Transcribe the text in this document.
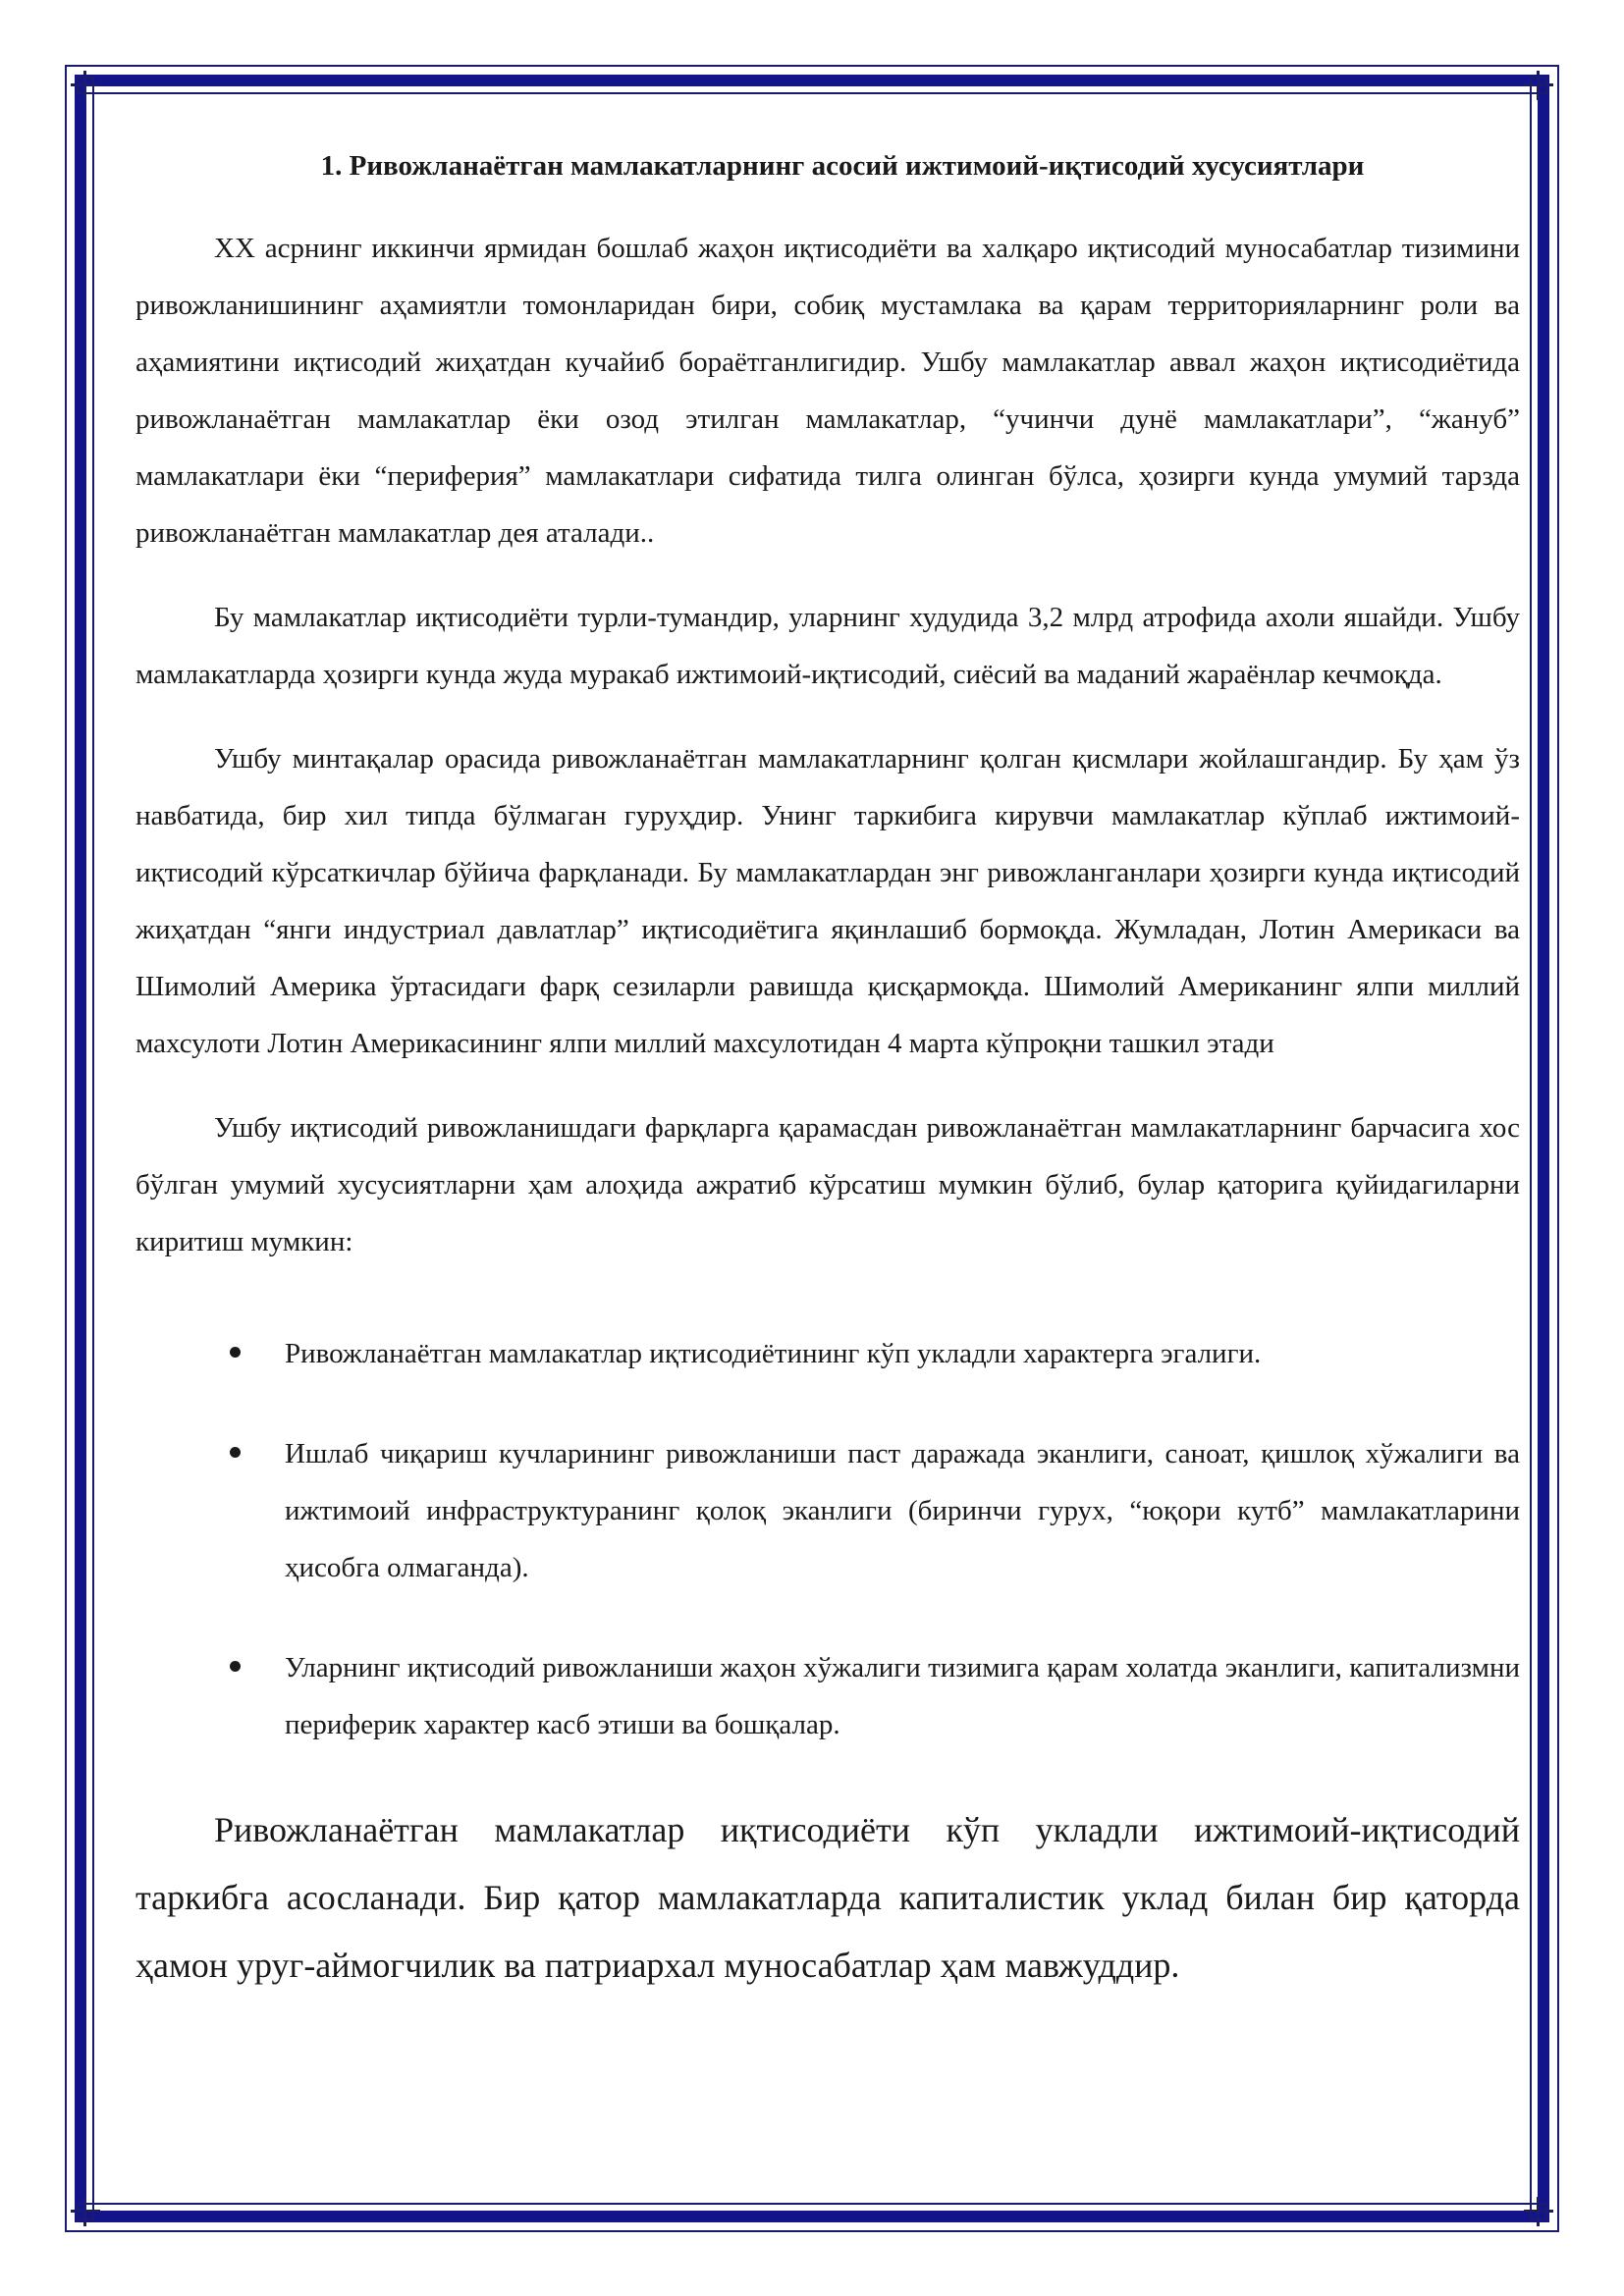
1. Ривожланаётган мамлакатларнинг асосий ижтимоий-иқтисодий хусусиятлари

XX асрнинг иккинчи ярмидан бошлаб жаҳон иқтисодиёти ва халқаро иқтисодий муносабатлар тизимини ривожланишининг аҳамиятли томонларидан бири, собиқ мустамлака ва қарам территорияларнинг роли ва аҳамиятини иқтисодий жиҳатдан кучайиб бораётганлигидир. Ушбу мамлакатлар аввал жаҳон иқтисодиётида ривожланаётган мамлакатлар ёки озод этилган мамлакатлар, “учинчи дунё мамлакатлари”, “жануб” мамлакатлари ёки “периферия” мамлакатлари сифатида тилга олинган бўлса, ҳозирги кунда умумий тарзда ривожланаётган мамлакатлар дея аталади..

Бу мамлакатлар иқтисодиёти турли-тумандир, уларнинг худудида 3,2 млрд атрофида ахоли яшайди. Ушбу мамлакатларда ҳозирги кунда жуда муракаб ижтимоий-иқтисодий, сиёсий ва маданий жараёнлар кечмоқда.

Ушбу минтақалар орасида ривожланаётган мамлакатларнинг қолган қисмлари жойлашгандир. Бу ҳам ўз навбатида, бир хил типда бўлмаган гуруҳдир. Унинг таркибига кирувчи мамлакатлар кўплаб ижтимоий-иқтисодий кўрсаткичлар бўйича фарқланади. Бу мамлакатлардан энг ривожланганлари ҳозирги кунда иқтисодий жиҳатдан “янги индустриал давлатлар” иқтисодиётига яқинлашиб бормоқда. Жумладан, Лотин Америкаси ва Шимолий Америка ўртасидаги фарқ сезиларли равишда қисқармоқда. Шимолий Американинг ялпи миллий махсулоти Лотин Америкасининг ялпи миллий махсулотидан 4 марта кўпроқни ташкил этади

Ушбу иқтисодий ривожланишдаги фарқларга қарамасдан ривожланаётган мамлакатларнинг барчасига хос бўлган умумий хусусиятларни ҳам алоҳида ажратиб кўрсатиш мумкин бўлиб, булар қаторига қуйидагиларни киритиш мумкин:

Ривожланаётган мамлакатлар иқтисодиётининг кўп укладли характерга эгалиги.
Ишлаб чиқариш кучларининг ривожланиши паст даражада эканлиги, саноат, қишлоқ хўжалиги ва ижтимоий инфраструктуранинг қолоқ эканлиги (биринчи гурух, “юқори кутб” мамлакатларини ҳисобга олмаганда).
Уларнинг иқтисодий ривожланиши жаҳон хўжалиги тизимига қарам холатда эканлиги, капитализмни периферик характер касб этиши ва бошқалар.

Ривожланаётган мамлакатлар иқтисодиёти кўп укладли ижтимоий-иқтисодий таркибга асосланади. Бир қатор мамлакатларда капиталистик уклад билан бир қаторда ҳамон уруг-аймогчилик ва патриархал муносабатлар ҳам мавжуддир.
